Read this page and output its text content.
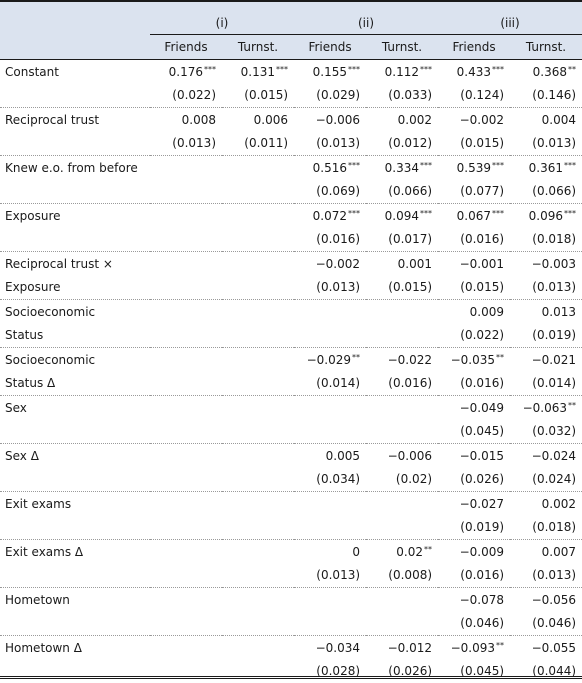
	(i)		(ii)		(iii)	
	Friends	Turnst.	Friends	Turnst.	Friends	Turnst.
Constant	0.176***	0.131***	0.155***	0.112***	0.433***	0.368**
	(0.022)	(0.015)	(0.029)	(0.033)	(0.124)	(0.146)
Reciprocal trust	0.008	0.006	−0.006	0.002	−0.002	0.004
	(0.013)	(0.011)	(0.013)	(0.012)	(0.015)	(0.013)
Knew e.o. from before			0.516***	0.334***	0.539***	0.361***
			(0.069)	(0.066)	(0.077)	(0.066)
Exposure			0.072***	0.094***	0.067***	0.096***
			(0.016)	(0.017)	(0.016)	(0.018)
Reciprocal trust ×			−0.002	0.001	−0.001	−0.003
Exposure			(0.013)	(0.015)	(0.015)	(0.013)
Socioeconomic					0.009	0.013
Status					(0.022)	(0.019)
Socioeconomic			−0.029**	−0.022	−0.035**	−0.021
Status Δ			(0.014)	(0.016)	(0.016)	(0.014)
Sex					−0.049	−0.063**
					(0.045)	(0.032)
Sex Δ			0.005	−0.006	−0.015	−0.024
			(0.034)	(0.02)	(0.026)	(0.024)
Exit exams					−0.027	0.002
					(0.019)	(0.018)
Exit exams Δ			0	0.02**	−0.009	0.007
			(0.013)	(0.008)	(0.016)	(0.013)
Hometown					−0.078	−0.056
					(0.046)	(0.046)
Hometown Δ			−0.034	−0.012	−0.093**	−0.055
			(0.028)	(0.026)	(0.045)	(0.044)
